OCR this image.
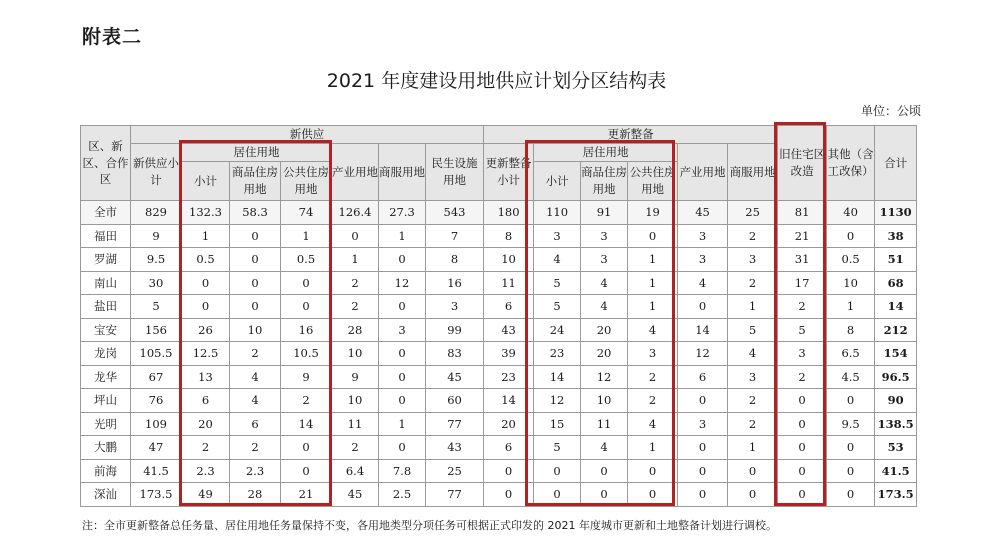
附表二
2021 年度建设用地供应计划分区结构表
单位：公顷
区、新区、合作区	新供应							更新整备						旧住宅区改造	其他（含工改保）	合计
	新供应小计	居住用地			产业用地	商服用地	民生设施用地	更新整备小计	居住用地			产业用地	商服用地			
		小计	商品住房用地	公共住房用地					小计	商品住房用地	公共住房用地					
全市	829	132.3	58.3	74	126.4	27.3	543	180	110	91	19	45	25	81	40	1130
福田	9	1	0	1	0	1	7	8	3	3	0	3	2	21	0	38
罗湖	9.5	0.5	0	0.5	1	0	8	10	4	3	1	3	3	31	0.5	51
南山	30	0	0	0	2	12	16	11	5	4	1	4	2	17	10	68
盐田	5	0	0	0	2	0	3	6	5	4	1	0	1	2	1	14
宝安	156	26	10	16	28	3	99	43	24	20	4	14	5	5	8	212
龙岗	105.5	12.5	2	10.5	10	0	83	39	23	20	3	12	4	3	6.5	154
龙华	67	13	4	9	9	0	45	23	14	12	2	6	3	2	4.5	96.5
坪山	76	6	4	2	10	0	60	14	12	10	2	0	2	0	0	90
光明	109	20	6	14	11	1	77	20	15	11	4	3	2	0	9.5	138.5
大鹏	47	2	2	0	2	0	43	6	5	4	1	0	1	0	0	53
前海	41.5	2.3	2.3	0	6.4	7.8	25	0	0	0	0	0	0	0	0	41.5
深汕	173.5	49	28	21	45	2.5	77	0	0	0	0	0	0	0	0	173.5
注：全市更新整备总任务量、居住用地任务量保持不变，各用地类型分项任务可根据正式印发的 2021 年度城市更新和土地整备计划进行调校。
